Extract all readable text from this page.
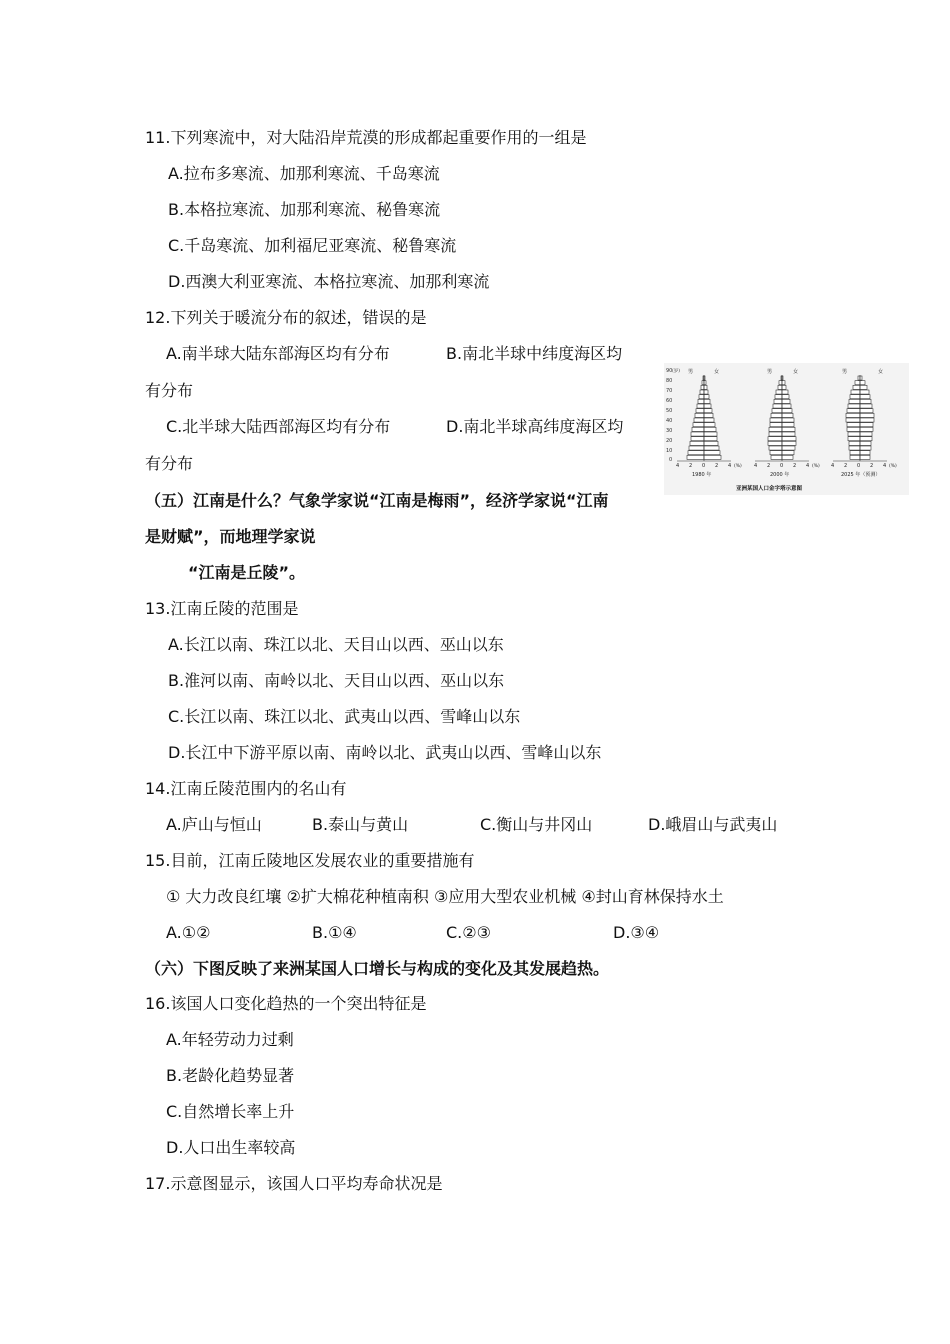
11.下列寒流中，对大陆沿岸荒漠的形成都起重要作用的一组是
A.拉布多寒流、加那利寒流、千岛寒流
B.本格拉寒流、加那利寒流、秘鲁寒流
C.千岛寒流、加利福尼亚寒流、秘鲁寒流
D.西澳大利亚寒流、本格拉寒流、加那利寒流
12.下列关于暖流分布的叙述，错误的是
A.南半球大陆东部海区均有分布	B.南北半球中纬度海区均
有分布
C.北半球大陆西部海区均有分布	D.南北半球高纬度海区均
有分布
（五）江南是什么？气象学家说“江南是梅雨”，经济学家说“江南
是财赋”，而地理学家说
“江南是丘陵”。
13.江南丘陵的范围是
A.长江以南、珠江以北、天目山以西、巫山以东
B.淮河以南、南岭以北、天目山以西、巫山以东
C.长江以南、珠江以北、武夷山以西、雪峰山以东
D.长江中下游平原以南、南岭以北、武夷山以西、雪峰山以东
14.江南丘陵范围内的名山有
A.庐山与恒山	B.泰山与黄山	C.衡山与井冈山	D.峨眉山与武夷山
15.目前，江南丘陵地区发展农业的重要措施有
① 大力改良红壤 ②扩大棉花种植南积 ③应用大型农业机械 ④封山育林保持水土
A.①②	B.①④	C.②③	D.③④
（六）下图反映了来洲某国人口增长与构成的变化及其发展趋热。
16.该国人口变化趋热的一个突出特征是
A.年轻劳动力过剩
B.老龄化趋势显著
C.自然增长率上升
D.人口出生率较高
17.示意图显示，该国人口平均寿命状况是
90 (岁)
80
70
60
50
40
30
20
10
0
男	女
4 2 0 2 4 (%)
1980 年
男	女
4 2 0 2 4 (%)
2000 年
男	女
4 2 0 2 4 (%)
2025 年（预测）
亚洲某国人口金字塔示意图
